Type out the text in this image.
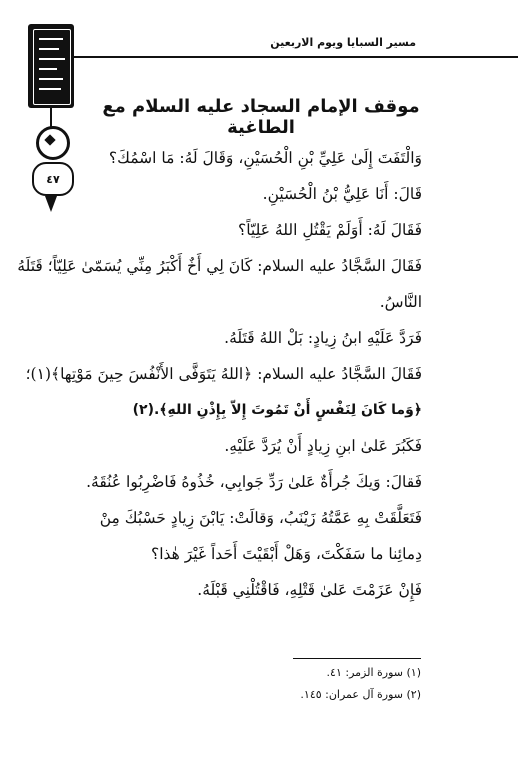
مسير السبايا ويوم الاربعين
٤٧
موقف الإمام السجاد عليه السلام مع الطاغية
وَالْتَفَتَ إِلَىٰ عَلِيِّ بْنِ الْحُسَيْنِ، وَقَالَ لَهُ: مَا اسْمُكَ؟
قَالَ: أَنَا عَلِيُّ بْنُ الْحُسَيْنِ.
فَقَالَ لَهُ: أَوَلَمْ يَقْتُلِ اللهُ عَلِيّاً؟
فَقَالَ السَّجَّادُ عليه السلام: كَانَ لِي أَخٌ أَكْبَرُ مِنِّي يُسَمّىٰ عَلِيّاً؛ قَتَلَهُ
النَّاسُ.
فَرَدَّ عَلَيْهِ ابنُ زِيادٍ: بَلْ اللهُ قَتَلَهُ.
فَقَالَ السَّجَّادُ عليه السلام: ﴿اللهُ يَتَوَفَّى الأَنْفُسَ حِينَ مَوْتِها﴾(١)؛
﴿وَما كَانَ لِنَفْسٍ أَنْ تَمُوتَ إِلاّ بِإِذْنِ اللهِ﴾.(٢)
فَكَبُرَ عَلىٰ ابنِ زِيادٍ أَنْ يُرَدَّ عَلَيْهِ.
فَقالَ: وَيكَ جُرأَةٌ عَلىٰ رَدِّ جَوابِي، خُذُوهُ فَاضْرِبُوا عُنُقَهُ.
فَتَعَلَّقَتْ بِهِ عَمَّتُهُ زَيْنَبُ، وَقالَتْ: يَابْنَ زِيادٍ حَسْبُكَ مِنْ
دِمائِنا ما سَفَكْتَ، وَهَلْ أَبْقَيْتَ أَحَداً غَيْرَ هٰذا؟
فَإِنْ عَزَمْتَ عَلىٰ قَتْلِهِ، فَاقْتُلْنِي قَبْلَهُ.
(١) سورة الزمر: ٤١.
(٢) سورة آل عمران: ١٤٥.
